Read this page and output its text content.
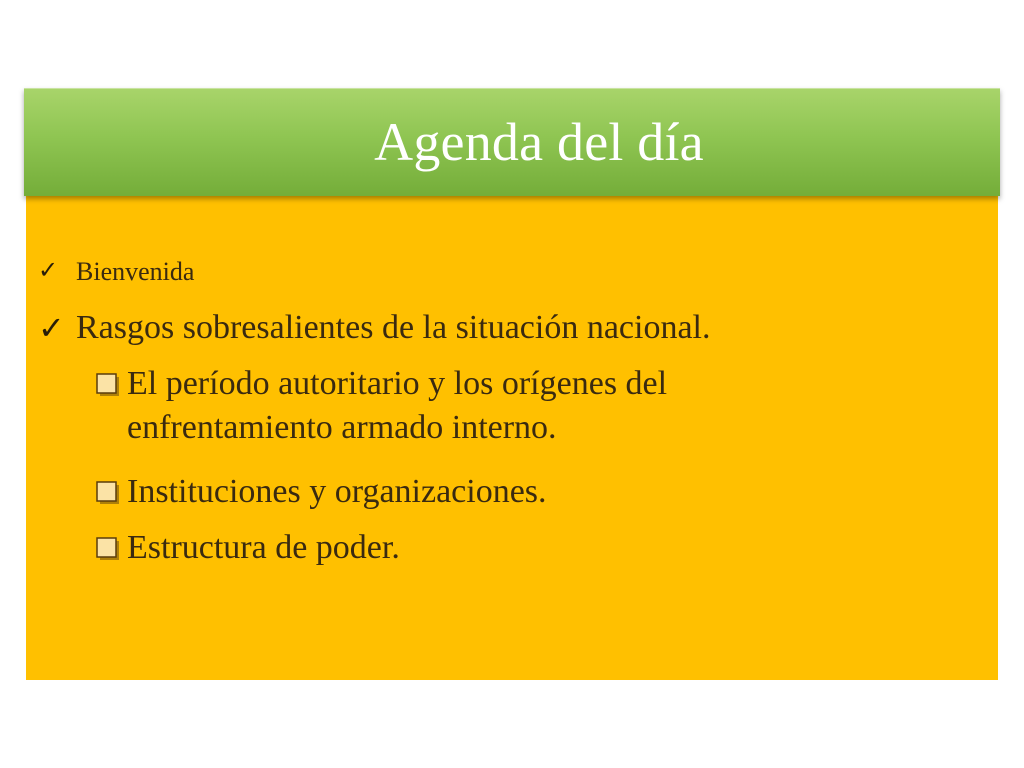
Agenda del día
✓ Bienvenida
✓ Rasgos sobresalientes de la situación nacional.
El período autoritario y los orígenes del enfrentamiento armado interno.
Instituciones y organizaciones.
Estructura de poder.
